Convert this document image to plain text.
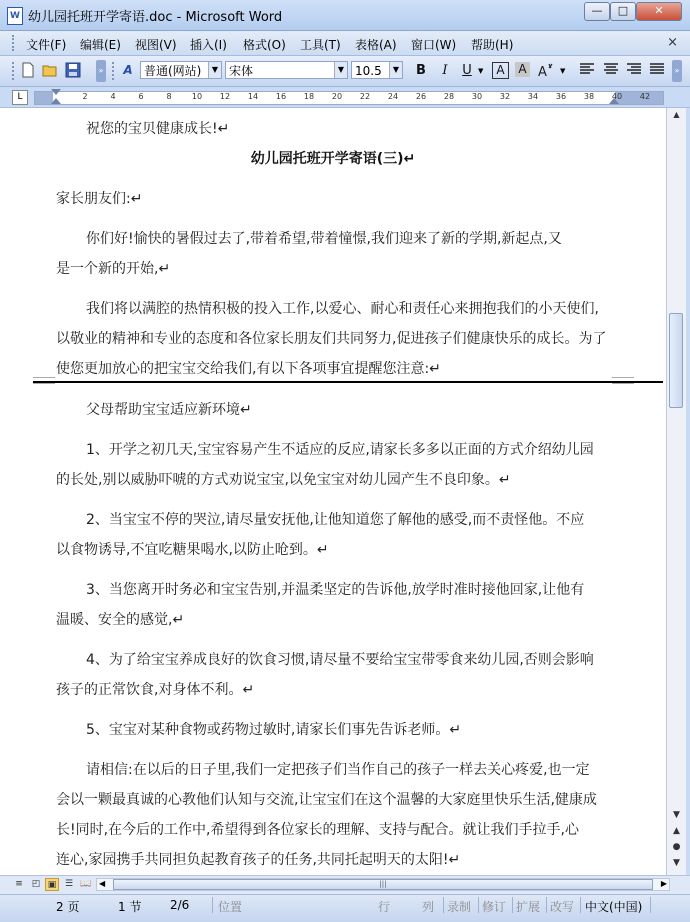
W 幼儿园托班开学寄语.doc - Microsoft Word	—	□	✕
文件(F) 编辑(E) 视图(V) 插入(I) 格式(O) 工具(T) 表格(A) 窗口(W) 帮助(H)	×
» A 普通(网站)	▼ 宋体	▼ 10.5	▼	B	I	U ▼	A	A A ▼	»
L	2	4	6	8	10	12	14	16	18	20	22	24	26	28	30	32	34	36	38	40	42
祝您的宝贝健康成长!↵
幼儿园托班开学寄语(三)↵
家长朋友们:↵
你们好!愉快的暑假过去了,带着希望,带着憧憬,我们迎来了新的学期,新起点,又
是一个新的开始,↵
我们将以满腔的热情积极的投入工作,以爱心、耐心和责任心来拥抱我们的小天使们,
以敬业的精神和专业的态度和各位家长朋友们共同努力,促进孩子们健康快乐的成长。为了
使您更加放心的把宝宝交给我们,有以下各项事宜提醒您注意:↵
父母帮助宝宝适应新环境↵
1、开学之初几天,宝宝容易产生不适应的反应,请家长多多以正面的方式介绍幼儿园
的长处,别以威胁吓唬的方式劝说宝宝,以免宝宝对幼儿园产生不良印象。↵
2、当宝宝不停的哭泣,请尽量安抚他,让他知道您了解他的感受,而不责怪他。不应
以食物诱导,不宜吃糖果喝水,以防止呛到。↵
3、当您离开时务必和宝宝告别,并温柔坚定的告诉他,放学时准时接他回家,让他有
温暖、安全的感觉,↵
4、为了给宝宝养成良好的饮食习惯,请尽量不要给宝宝带零食来幼儿园,否则会影响
孩子的正常饮食,对身体不利。↵
5、宝宝对某种食物或药物过敏时,请家长们事先告诉老师。↵
请相信:在以后的日子里,我们一定把孩子们当作自己的孩子一样去关心疼爱,也一定
会以一颗最真诚的心教他们认知与交流,让宝宝们在这个温馨的大家庭里快乐生活,健康成
长!同时,在今后的工作中,希望得到各位家长的理解、支持与配合。就让我们手拉手,心
连心,家园携手共同担负起教育孩子的任务,共同托起明天的太阳!↵
▲
▼
▲
●
▼
≡ ◰ ▣ ☰ 📖 ◀	|||	▶
2 页	1 节 2/6 位置	行	列 录制 修订 扩展 改写 中文(中国)
